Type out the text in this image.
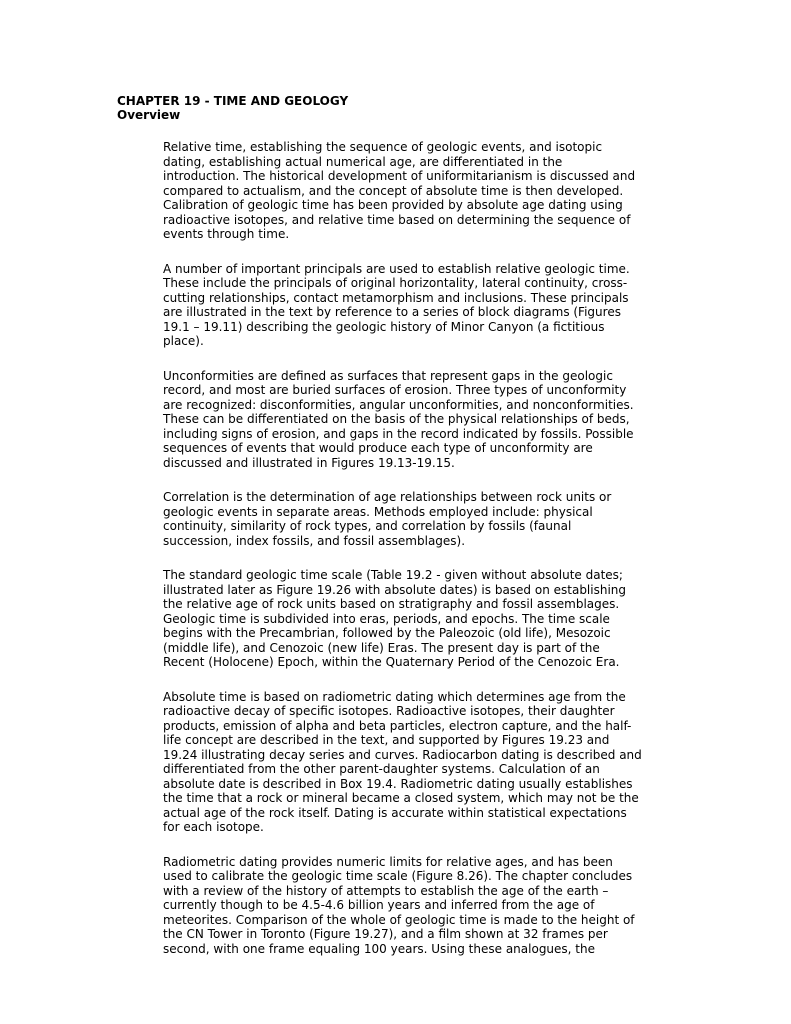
CHAPTER 19 - TIME AND GEOLOGY
Overview
Relative time, establishing the sequence of geologic events, and isotopic
dating, establishing actual numerical age, are differentiated in the
introduction. The historical development of uniformitarianism is discussed and
compared to actualism, and the concept of absolute time is then developed.
Calibration of geologic time has been provided by absolute age dating using
radioactive isotopes, and relative time based on determining the sequence of
events through time.
A number of important principals are used to establish relative geologic time.
These include the principals of original horizontality, lateral continuity, cross-
cutting relationships, contact metamorphism and inclusions. These principals
are illustrated in the text by reference to a series of block diagrams (Figures
19.1 – 19.11) describing the geologic history of Minor Canyon (a fictitious
place).
Unconformities are defined as surfaces that represent gaps in the geologic
record, and most are buried surfaces of erosion. Three types of unconformity
are recognized: disconformities, angular unconformities, and nonconformities.
These can be differentiated on the basis of the physical relationships of beds,
including signs of erosion, and gaps in the record indicated by fossils. Possible
sequences of events that would produce each type of unconformity are
discussed and illustrated in Figures 19.13-19.15.
Correlation is the determination of age relationships between rock units or
geologic events in separate areas. Methods employed include: physical
continuity, similarity of rock types, and correlation by fossils (faunal
succession, index fossils, and fossil assemblages).
The standard geologic time scale (Table 19.2 - given without absolute dates;
illustrated later as Figure 19.26 with absolute dates) is based on establishing
the relative age of rock units based on stratigraphy and fossil assemblages.
Geologic time is subdivided into eras, periods, and epochs. The time scale
begins with the Precambrian, followed by the Paleozoic (old life), Mesozoic
(middle life), and Cenozoic (new life) Eras. The present day is part of the
Recent (Holocene) Epoch, within the Quaternary Period of the Cenozoic Era.
Absolute time is based on radiometric dating which determines age from the
radioactive decay of specific isotopes. Radioactive isotopes, their daughter
products, emission of alpha and beta particles, electron capture, and the half-
life concept are described in the text, and supported by Figures 19.23 and
19.24 illustrating decay series and curves. Radiocarbon dating is described and
differentiated from the other parent-daughter systems. Calculation of an
absolute date is described in Box 19.4. Radiometric dating usually establishes
the time that a rock or mineral became a closed system, which may not be the
actual age of the rock itself. Dating is accurate within statistical expectations
for each isotope.
Radiometric dating provides numeric limits for relative ages, and has been
used to calibrate the geologic time scale (Figure 8.26). The chapter concludes
with a review of the history of attempts to establish the age of the earth –
currently though to be 4.5-4.6 billion years and inferred from the age of
meteorites. Comparison of the whole of geologic time is made to the height of
the CN Tower in Toronto (Figure 19.27), and a film shown at 32 frames per
second, with one frame equaling 100 years. Using these analogues, the
